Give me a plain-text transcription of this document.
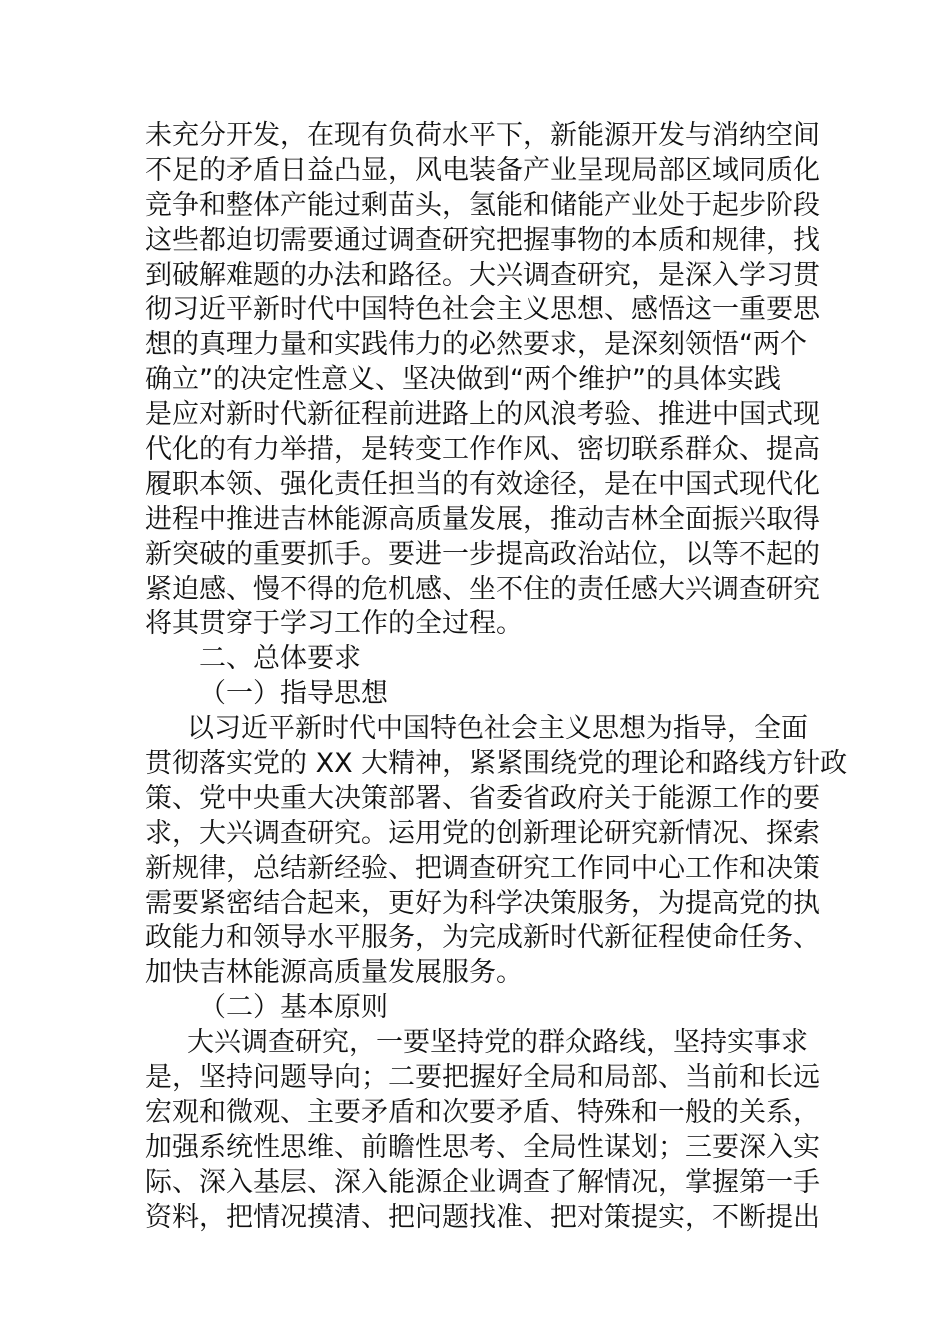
未充分开发，在现有负荷水平下，新能源开发与消纳空间
不足的矛盾日益凸显，风电装备产业呈现局部区域同质化
竞争和整体产能过剩苗头，氢能和储能产业处于起步阶段
这些都迫切需要通过调查研究把握事物的本质和规律，找
到破解难题的办法和路径。大兴调查研究，是深入学习贯
彻习近平新时代中国特色社会主义思想、感悟这一重要思
想的真理力量和实践伟力的必然要求，是深刻领悟“两个
确立”的决定性意义、坚决做到“两个维护”的具体实践
是应对新时代新征程前进路上的风浪考验、推进中国式现
代化的有力举措，是转变工作作风、密切联系群众、提高
履职本领、强化责任担当的有效途径，是在中国式现代化
进程中推进吉林能源高质量发展，推动吉林全面振兴取得
新突破的重要抓手。要进一步提高政治站位，以等不起的
紧迫感、慢不得的危机感、坐不住的责任感大兴调查研究
将其贯穿于学习工作的全过程。
二、总体要求
（一）指导思想
以习近平新时代中国特色社会主义思想为指导，全面
贯彻落实党的 XX 大精神，紧紧围绕党的理论和路线方针政
策、党中央重大决策部署、省委省政府关于能源工作的要
求，大兴调查研究。运用党的创新理论研究新情况、探索
新规律，总结新经验、把调查研究工作同中心工作和决策
需要紧密结合起来，更好为科学决策服务，为提高党的执
政能力和领导水平服务，为完成新时代新征程使命任务、
加快吉林能源高质量发展服务。
（二）基本原则
大兴调查研究，一要坚持党的群众路线，坚持实事求
是，坚持问题导向；二要把握好全局和局部、当前和长远
宏观和微观、主要矛盾和次要矛盾、特殊和一般的关系，
加强系统性思维、前瞻性思考、全局性谋划；三要深入实
际、深入基层、深入能源企业调查了解情况，掌握第一手
资料，把情况摸清、把问题找准、把对策提实，不断提出
